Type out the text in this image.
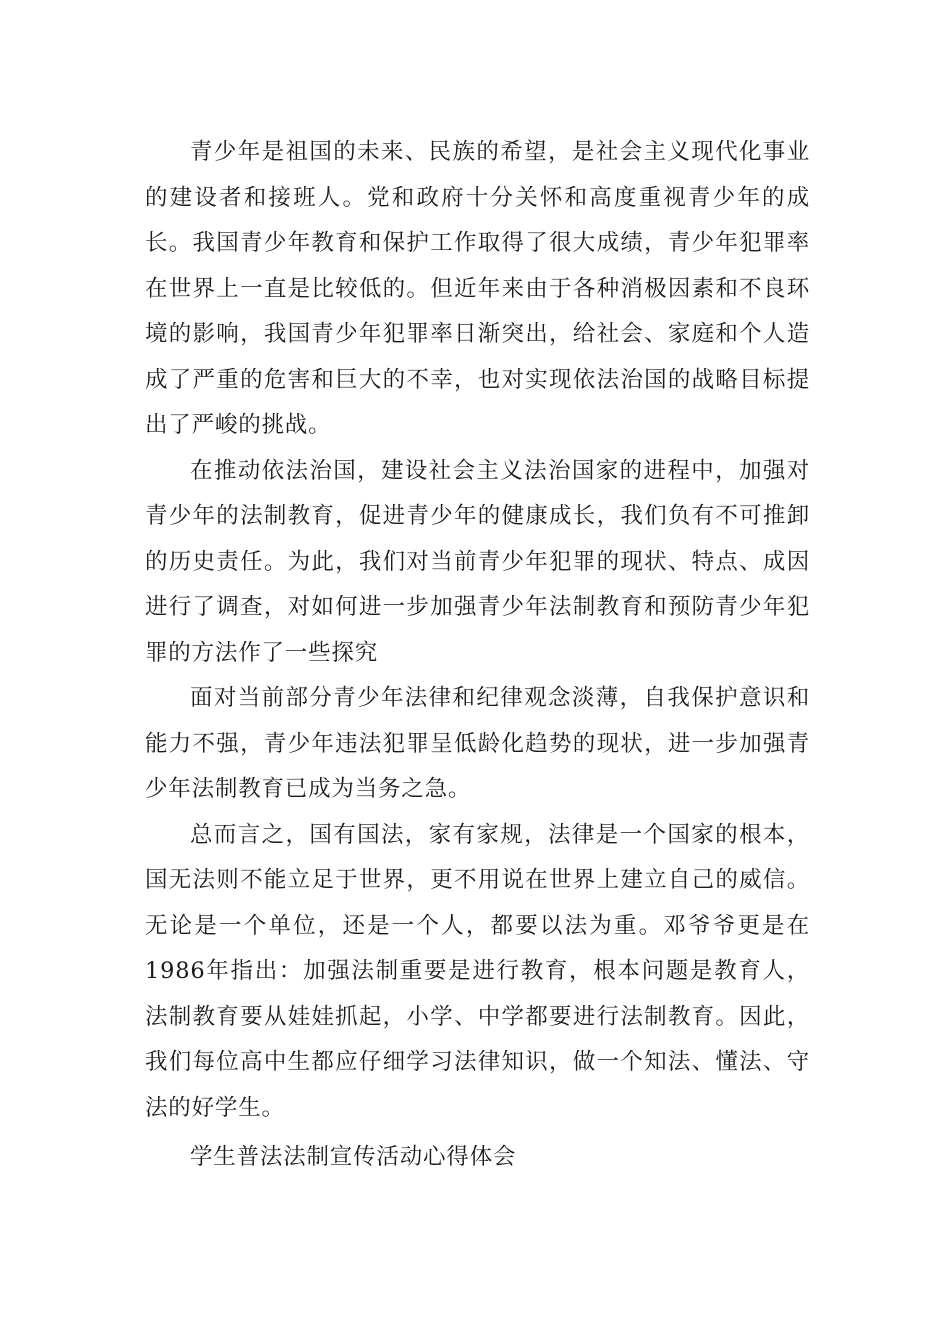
青少年是祖国的未来、民族的希望，是社会主义现代化事业的建设者和接班人。党和政府十分关怀和高度重视青少年的成长。我国青少年教育和保护工作取得了很大成绩，青少年犯罪率在世界上一直是比较低的。但近年来由于各种消极因素和不良环境的影响，我国青少年犯罪率日渐突出，给社会、家庭和个人造成了严重的危害和巨大的不幸，也对实现依法治国的战略目标提出了严峻的挑战。

在推动依法治国，建设社会主义法治国家的进程中，加强对青少年的法制教育，促进青少年的健康成长，我们负有不可推卸的历史责任。为此，我们对当前青少年犯罪的现状、特点、成因进行了调查，对如何进一步加强青少年法制教育和预防青少年犯罪的方法作了一些探究

面对当前部分青少年法律和纪律观念淡薄，自我保护意识和能力不强，青少年违法犯罪呈低龄化趋势的现状，进一步加强青少年法制教育已成为当务之急。

总而言之，国有国法，家有家规，法律是一个国家的根本，国无法则不能立足于世界，更不用说在世界上建立自己的威信。无论是一个单位，还是一个人，都要以法为重。邓爷爷更是在1986年指出：加强法制重要是进行教育，根本问题是教育人，法制教育要从娃娃抓起，小学、中学都要进行法制教育。因此，我们每位高中生都应仔细学习法律知识，做一个知法、懂法、守法的好学生。

学生普法法制宣传活动心得体会
